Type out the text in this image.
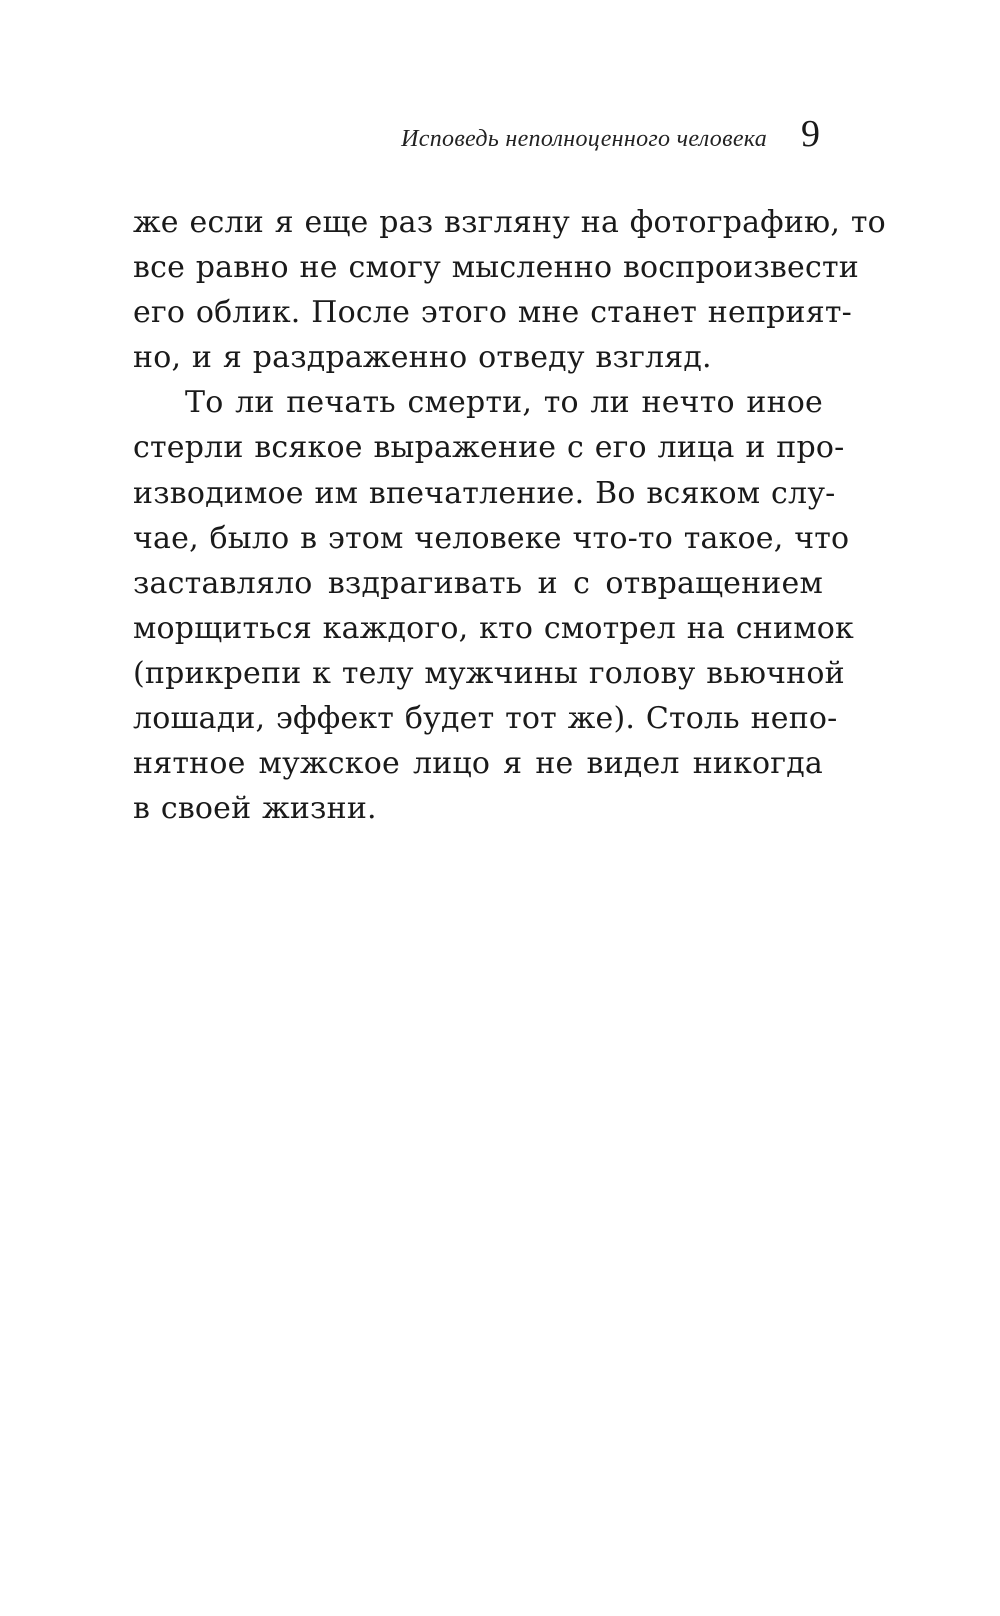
Исповедь неполноценного человека 9
же если я еще раз взгляну на фотографию, то
все равно не смогу мысленно воспроизвести
его облик. После этого мне станет неприят-
но, и я раздраженно отведу взгляд.
То ли печать смерти, то ли нечто иное
стерли всякое выражение с его лица и про-
изводимое им впечатление. Во всяком слу-
чае, было в этом человеке что-то такое, что
заставляло вздрагивать и с отвращением
морщиться каждого, кто смотрел на снимок
(прикрепи к телу мужчины голову вьючной
лошади, эффект будет тот же). Столь непо-
нятное мужское лицо я не видел никогда
в своей жизни.
